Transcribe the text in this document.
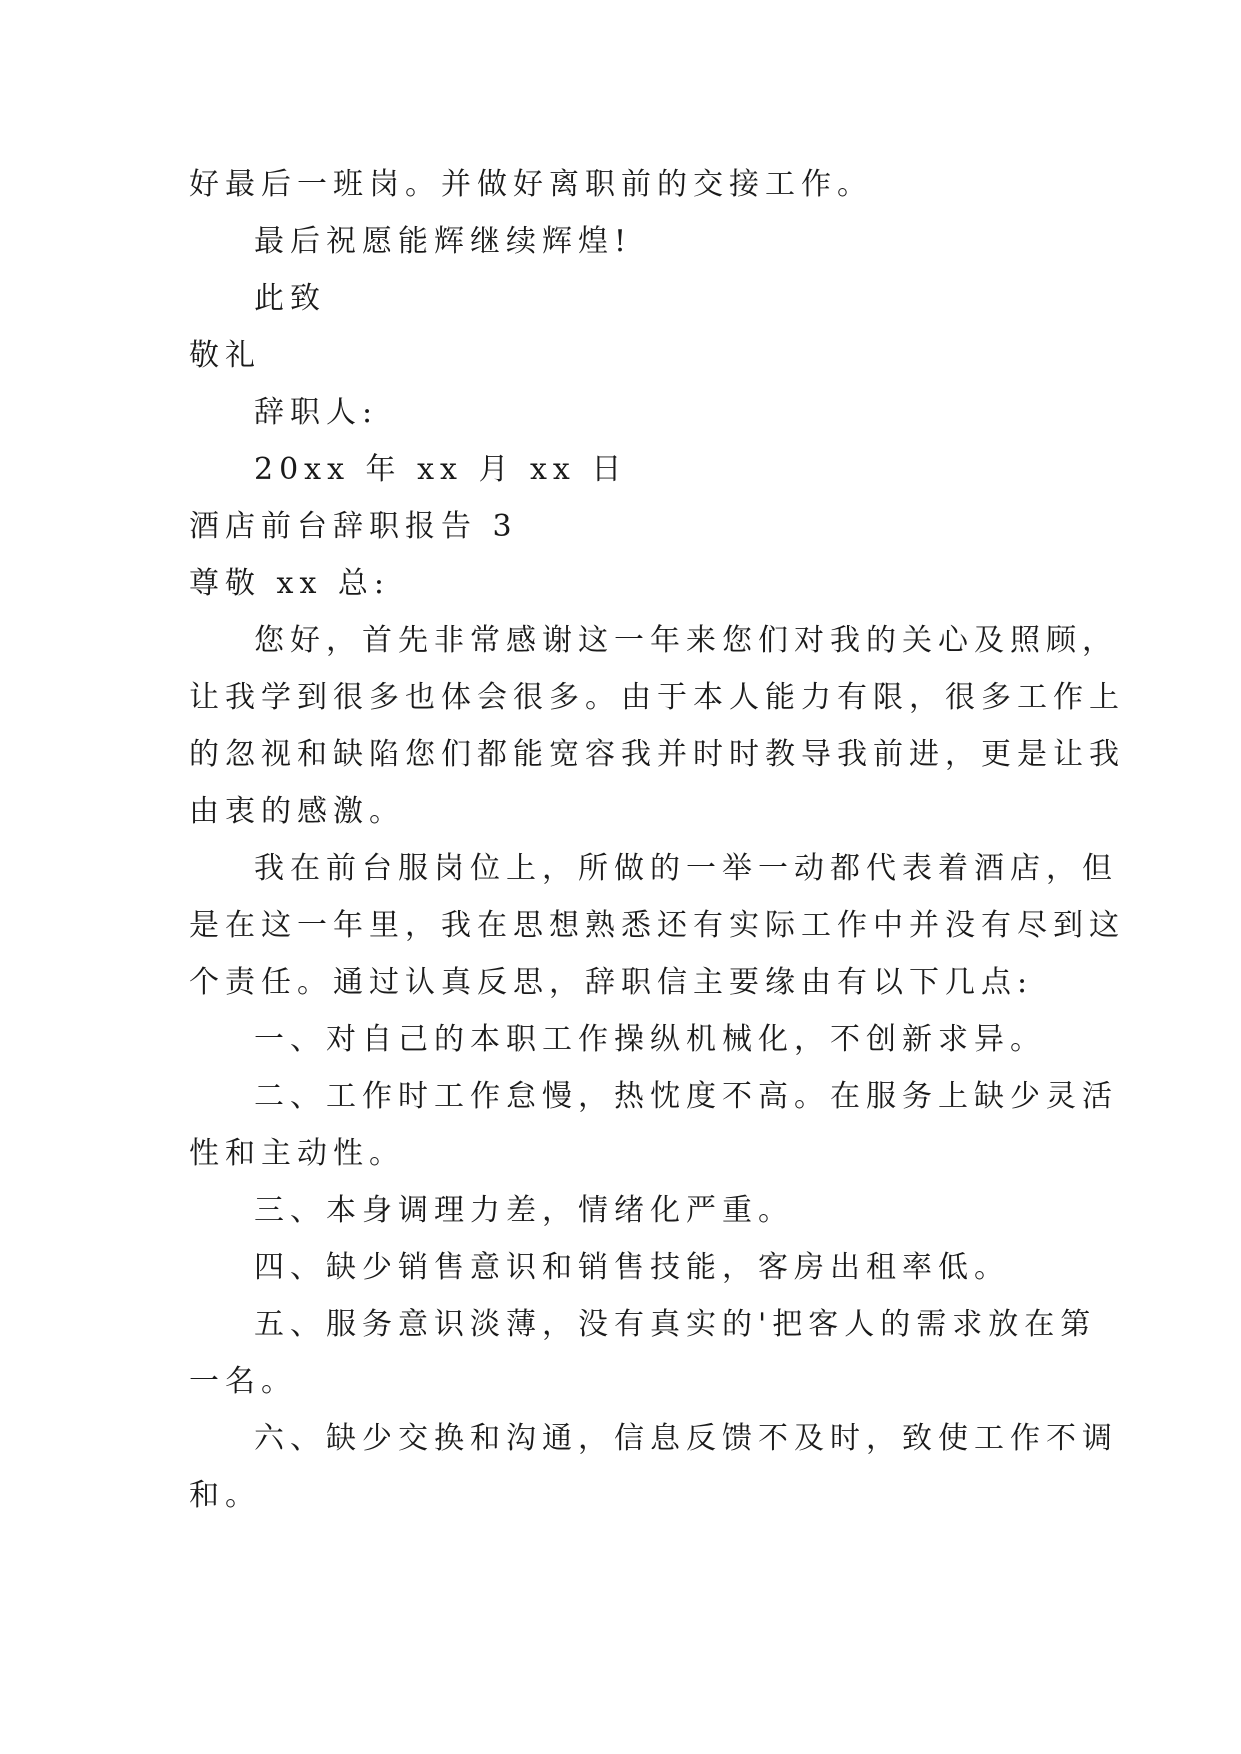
好最后一班岗。并做好离职前的交接工作。
最后祝愿能辉继续辉煌!
此致
敬礼
辞职人:
20xx 年 xx 月 xx 日
酒店前台辞职报告 3
尊敬 xx 总:
您好，首先非常感谢这一年来您们对我的关心及照顾，
让我学到很多也体会很多。由于本人能力有限，很多工作上
的忽视和缺陷您们都能宽容我并时时教导我前进，更是让我
由衷的感激。
我在前台服岗位上，所做的一举一动都代表着酒店，但
是在这一年里，我在思想熟悉还有实际工作中并没有尽到这
个责任。通过认真反思，辞职信主要缘由有以下几点:
一、对自己的本职工作操纵机械化，不创新求异。
二、工作时工作怠慢，热忱度不高。在服务上缺少灵活
性和主动性。
三、本身调理力差，情绪化严重。
四、缺少销售意识和销售技能，客房出租率低。
五、服务意识淡薄，没有真实的'把客人的需求放在第
一名。
六、缺少交换和沟通，信息反馈不及时，致使工作不调
和。
